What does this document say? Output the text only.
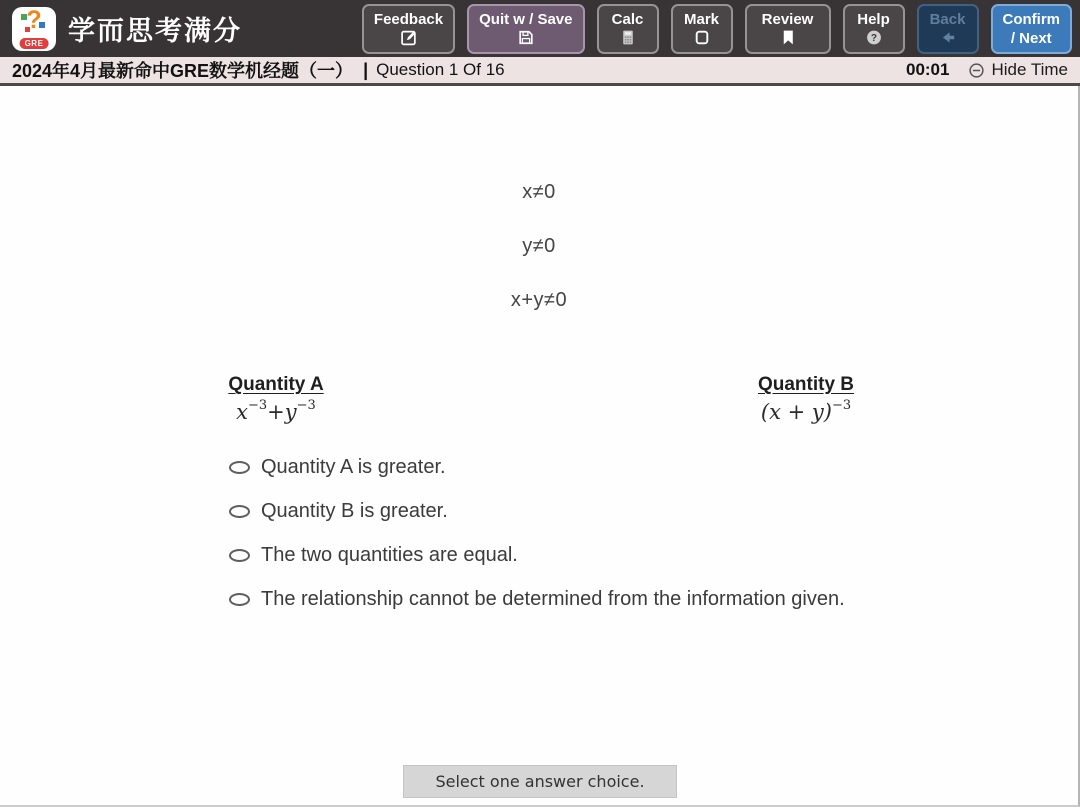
?
GRE 学而思考满分	Feedback Quit w / Save	Calc	Mark	Review	Help
?
Back Confirm
/ Next
2024年4月最新命中GRE数学机经题（一） | Question 1 Of 16	00:01 Hide Time
x≠0
y≠0
x+y≠0
Quantity A
$x^{-3}+y^{-3}$
Quantity B
$(x + y)^{-3}$
Quantity A is greater.
Quantity B is greater.
The two quantities are equal.
The relationship cannot be determined from the information given.
Select one answer choice.
